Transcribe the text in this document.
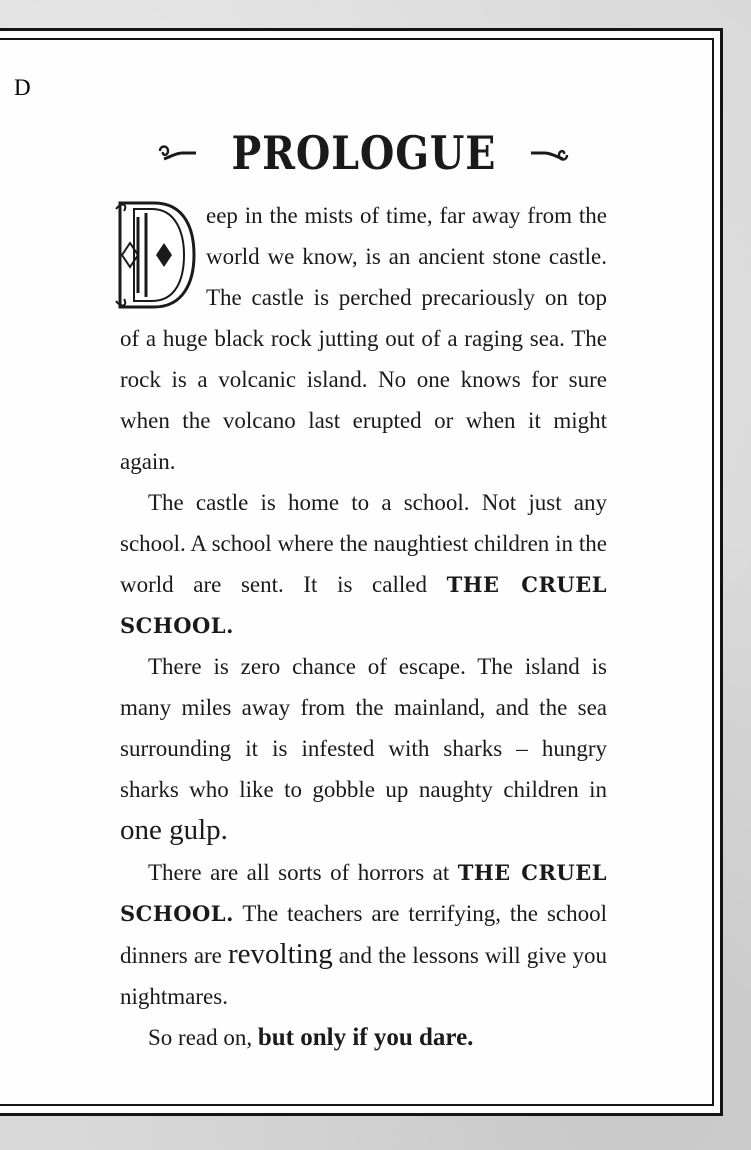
PROLOGUE

D
eep in the mists of time, far away from the world we know, is an ancient stone castle. The castle is perched precariously on top of a huge black rock jutting out of a raging sea. The rock is a volcanic island. No one knows for sure when the volcano last erupted or when it might again.

The castle is home to a school. Not just any school. A school where the naughtiest children in the world are sent. It is called THE CRUEL SCHOOL.

There is zero chance of escape. The island is many miles away from the mainland, and the sea surrounding it is infested with sharks – hungry sharks who like to gobble up naughty children in one gulp.

There are all sorts of horrors at THE CRUEL SCHOOL. The teachers are terrifying, the school dinners are revolting and the lessons will give you nightmares.

So read on, but only if you dare.
